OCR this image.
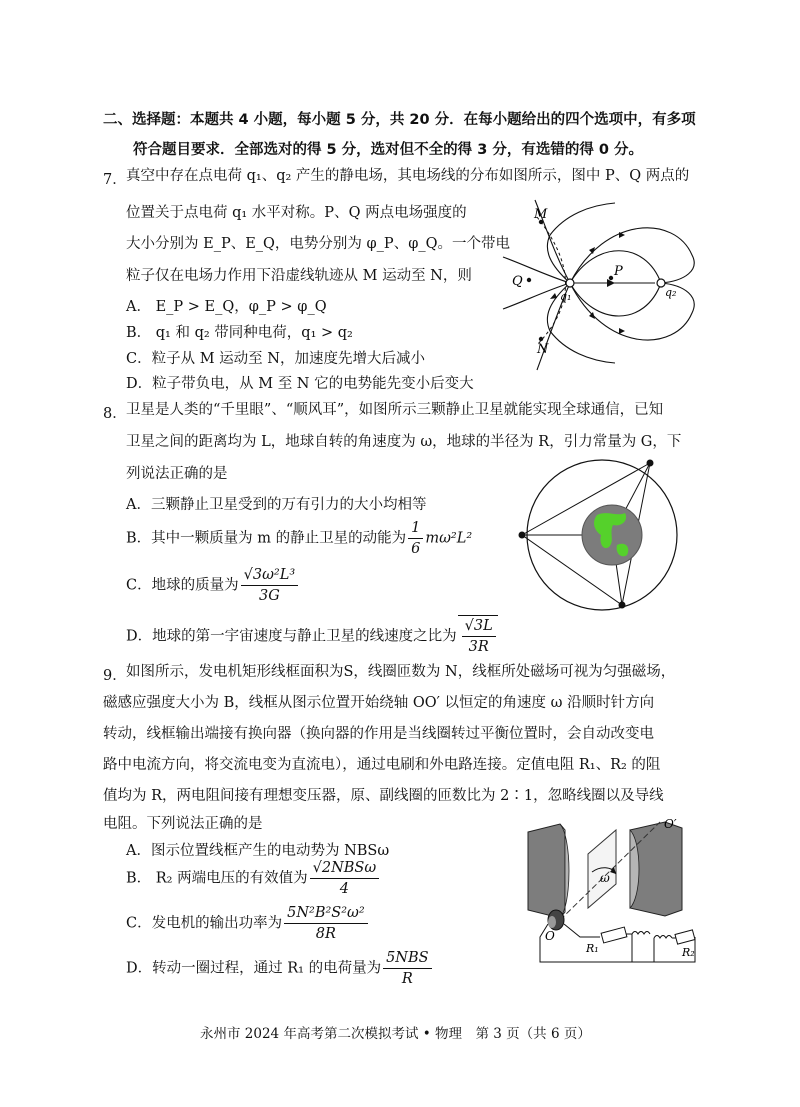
二、选择题：本题共 4 小题，每小题 5 分，共 20 分．在每小题给出的四个选项中，有多项
符合题目要求．全部选对的得 5 分，选对但不全的得 3 分，有选错的得 0 分。
7． 真空中存在点电荷 q₁、q₂ 产生的静电场，其电场线的分布如图所示，图中 P、Q 两点的
位置关于点电荷 q₁ 水平对称。P、Q 两点电场强度的
大小分别为 E_P、E_Q，电势分别为 φ_P、φ_Q。一个带电
粒子仅在电场力作用下沿虚线轨迹从 M 运动至 N，则
A． E_P > E_Q，φ_P > φ_Q
B． q₁ 和 q₂ 带同种电荷，q₁ > q₂
C．粒子从 M 运动至 N，加速度先增大后减小
D．粒子带负电，从 M 至 N 它的电势能先变小后变大
M
N
P
Q
q₁	q₂
8． 卫星是人类的“千里眼”、“顺风耳”，如图所示三颗静止卫星就能实现全球通信，已知
卫星之间的距离均为 L，地球自转的角速度为 ω，地球的半径为 R，引力常量为 G，下
列说法正确的是
A．三颗静止卫星受到的万有引力的大小均相等
B．其中一颗质量为 m 的静止卫星的动能为 $\frac{1}{6} m\omega^2L^2$
C．地球的质量为 $\frac{\text{√3ω²L³}}{3G}$
D．地球的第一宇宙速度与静止卫星的线速度之比为 $\frac{√3L}{3R}$
9． 如图所示，发电机矩形线框面积为S，线圈匝数为 N，线框所处磁场可视为匀强磁场，
磁感应强度大小为 B，线框从图示位置开始绕轴 OO′ 以恒定的角速度 ω 沿顺时针方向
转动，线框输出端接有换向器（换向器的作用是当线圈转过平衡位置时，会自动改变电
路中电流方向，将交流电变为直流电），通过电刷和外电路连接。定值电阻 R₁、R₂ 的阻
值均为 R，两电阻间接有理想变压器，原、副线圈的匝数比为 2∶1，忽略线圈以及导线
电阻。下列说法正确的是
A．图示位置线框产生的电动势为 NBSω
B． R₂ 两端电压的有效值为 $\frac{\text{√2NBSω}}{4}$
C．发电机的输出功率为 $\frac{\text{5N²B²S²ω²}}{8R}$
D．转动一圈过程，通过 R₁ 的电荷量为 $\frac{\text{5NBS}}{R}$
O
O′
ω
R₁	R₂
永州市 2024 年高考第二次模拟考试 • 物理　第 3 页（共 6 页）
